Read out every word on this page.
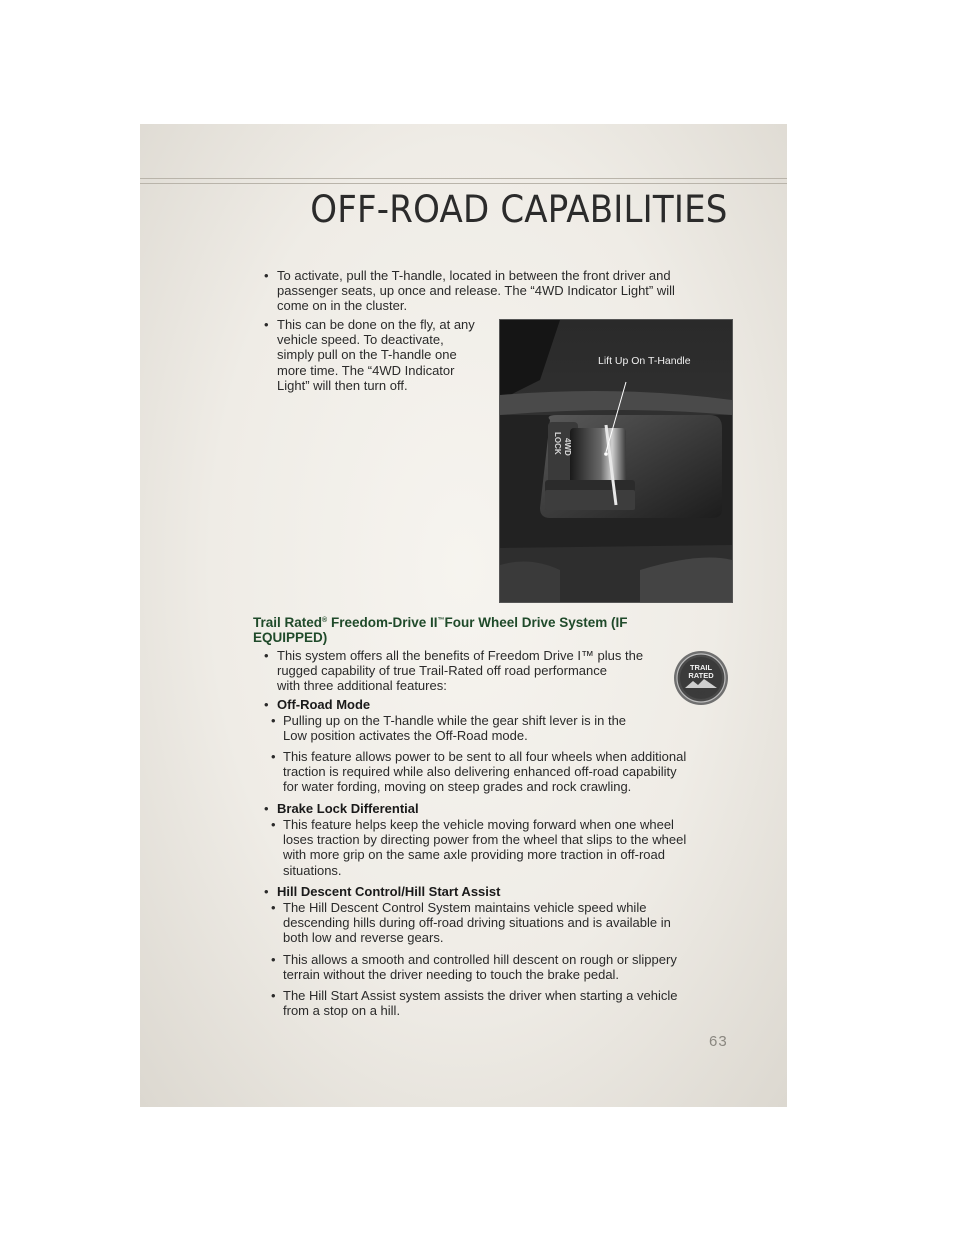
OFF-ROAD CAPABILITIES
• To activate, pull the T-handle, located in between the front driver and
passenger seats, up once and release. The “4WD Indicator Light” will
come on in the cluster.

• This can be done on the fly, at any
vehicle speed. To deactivate,
simply pull on the T-handle one
more time. The “4WD Indicator
Light” will then turn off.

4WD
LOCK
Lift Up On T-Handle
Trail Rated® Freedom-Drive II™Four Wheel Drive System (IF
EQUIPPED)
• This system offers all the benefits of Freedom Drive I™ plus the
rugged capability of true Trail-Rated off road performance
with three additional features:

TRAIL
RATED
4x4
• Off-Road Mode

• Pulling up on the T-handle while the gear shift lever is in the
Low position activates the Off-Road mode.

• This feature allows power to be sent to all four wheels when additional
traction is required while also delivering enhanced off-road capability
for water fording, moving on steep grades and rock crawling.

• Brake Lock Differential

• This feature helps keep the vehicle moving forward when one wheel
loses traction by directing power from the wheel that slips to the wheel
with more grip on the same axle providing more traction in off-road
situations.

• Hill Descent Control/Hill Start Assist

• The Hill Descent Control System maintains vehicle speed while
descending hills during off-road driving situations and is available in
both low and reverse gears.

• This allows a smooth and controlled hill descent on rough or slippery
terrain without the driver needing to touch the brake pedal.

• The Hill Start Assist system assists the driver when starting a vehicle
from a stop on a hill.

63
